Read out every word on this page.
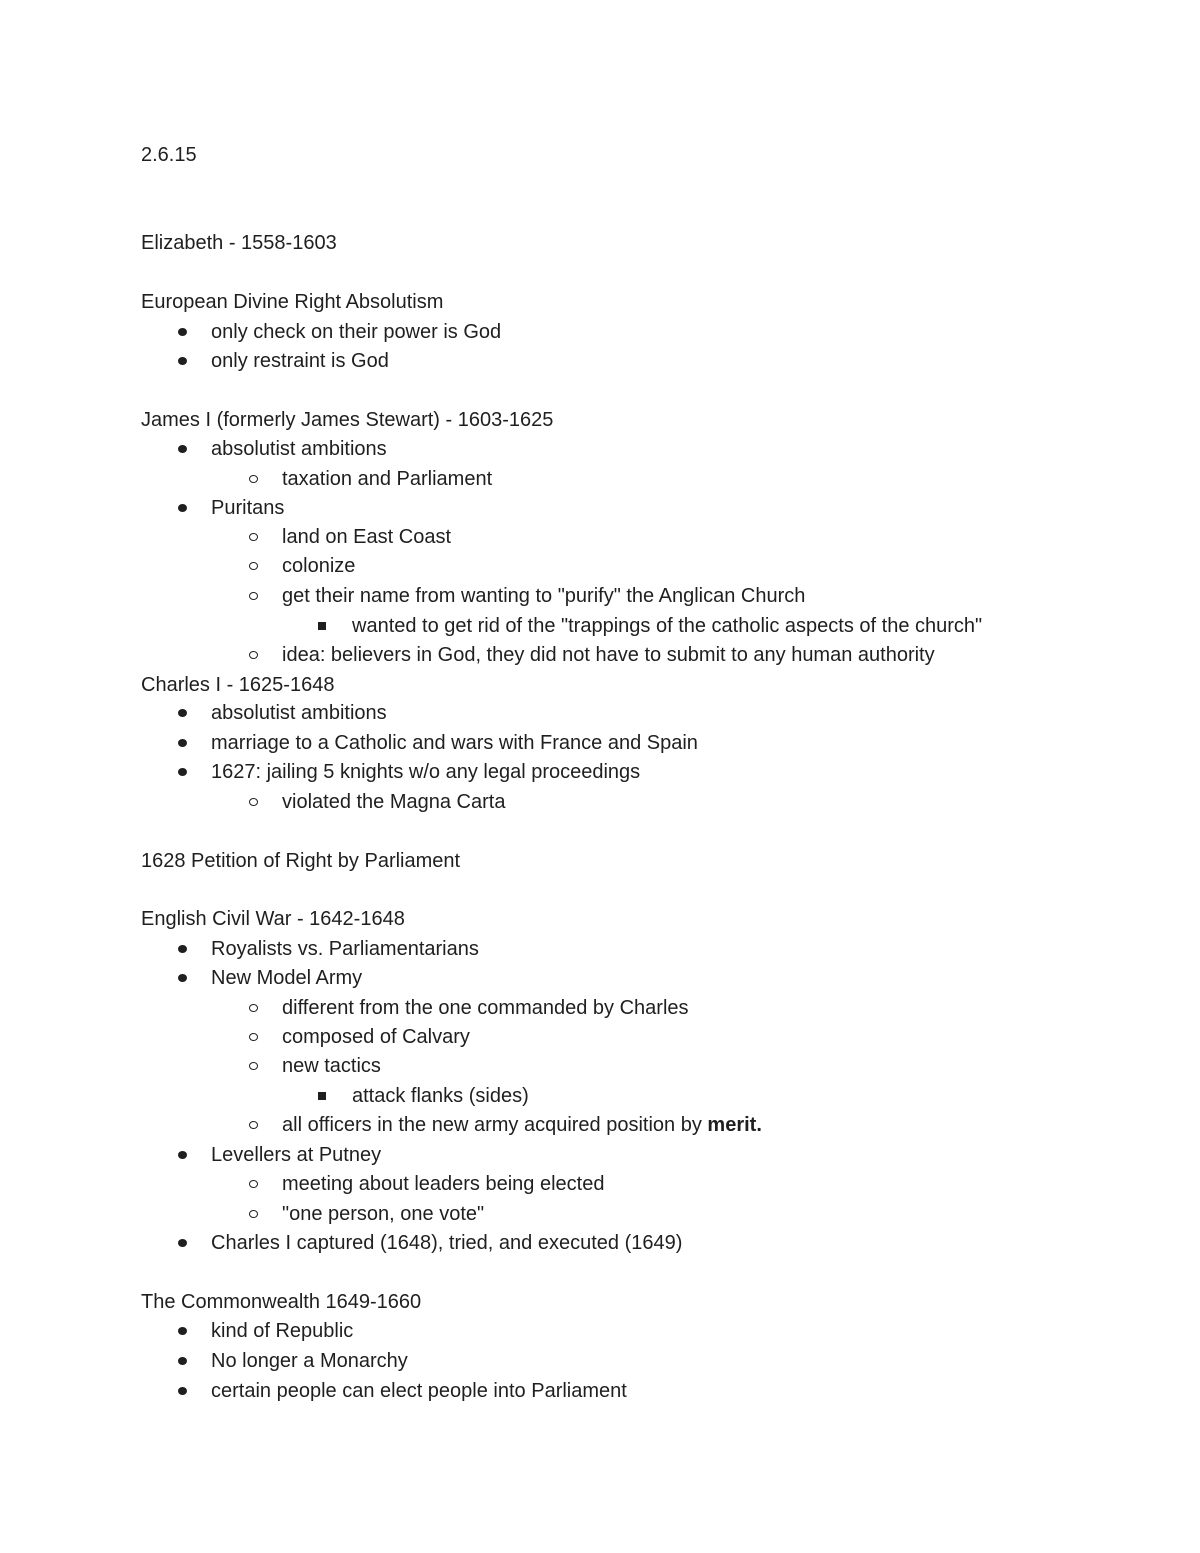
2.6.15
Elizabeth - 1558-1603
European Divine Right Absolutism
only check on their power is God
only restraint is God
James I (formerly James Stewart) - 1603-1625
absolutist ambitions
taxation and Parliament
Puritans
land on East Coast
colonize
get their name from wanting to "purify" the Anglican Church
wanted to get rid of the "trappings of the catholic aspects of the church"
idea: believers in God, they did not have to submit to any human authority
Charles I - 1625-1648
absolutist ambitions
marriage to a Catholic and wars with France and Spain
1627: jailing 5 knights w/o any legal proceedings
violated the Magna Carta
1628 Petition of Right by Parliament
English Civil War - 1642-1648
Royalists vs. Parliamentarians
New Model Army
different from the one commanded by Charles
composed of Calvary
new tactics
attack flanks (sides)
all officers in the new army acquired position by merit.
Levellers at Putney
meeting about leaders being elected
"one person, one vote"
Charles I captured (1648), tried, and executed (1649)
The Commonwealth 1649-1660
kind of Republic
No longer a Monarchy
certain people can elect people into Parliament
